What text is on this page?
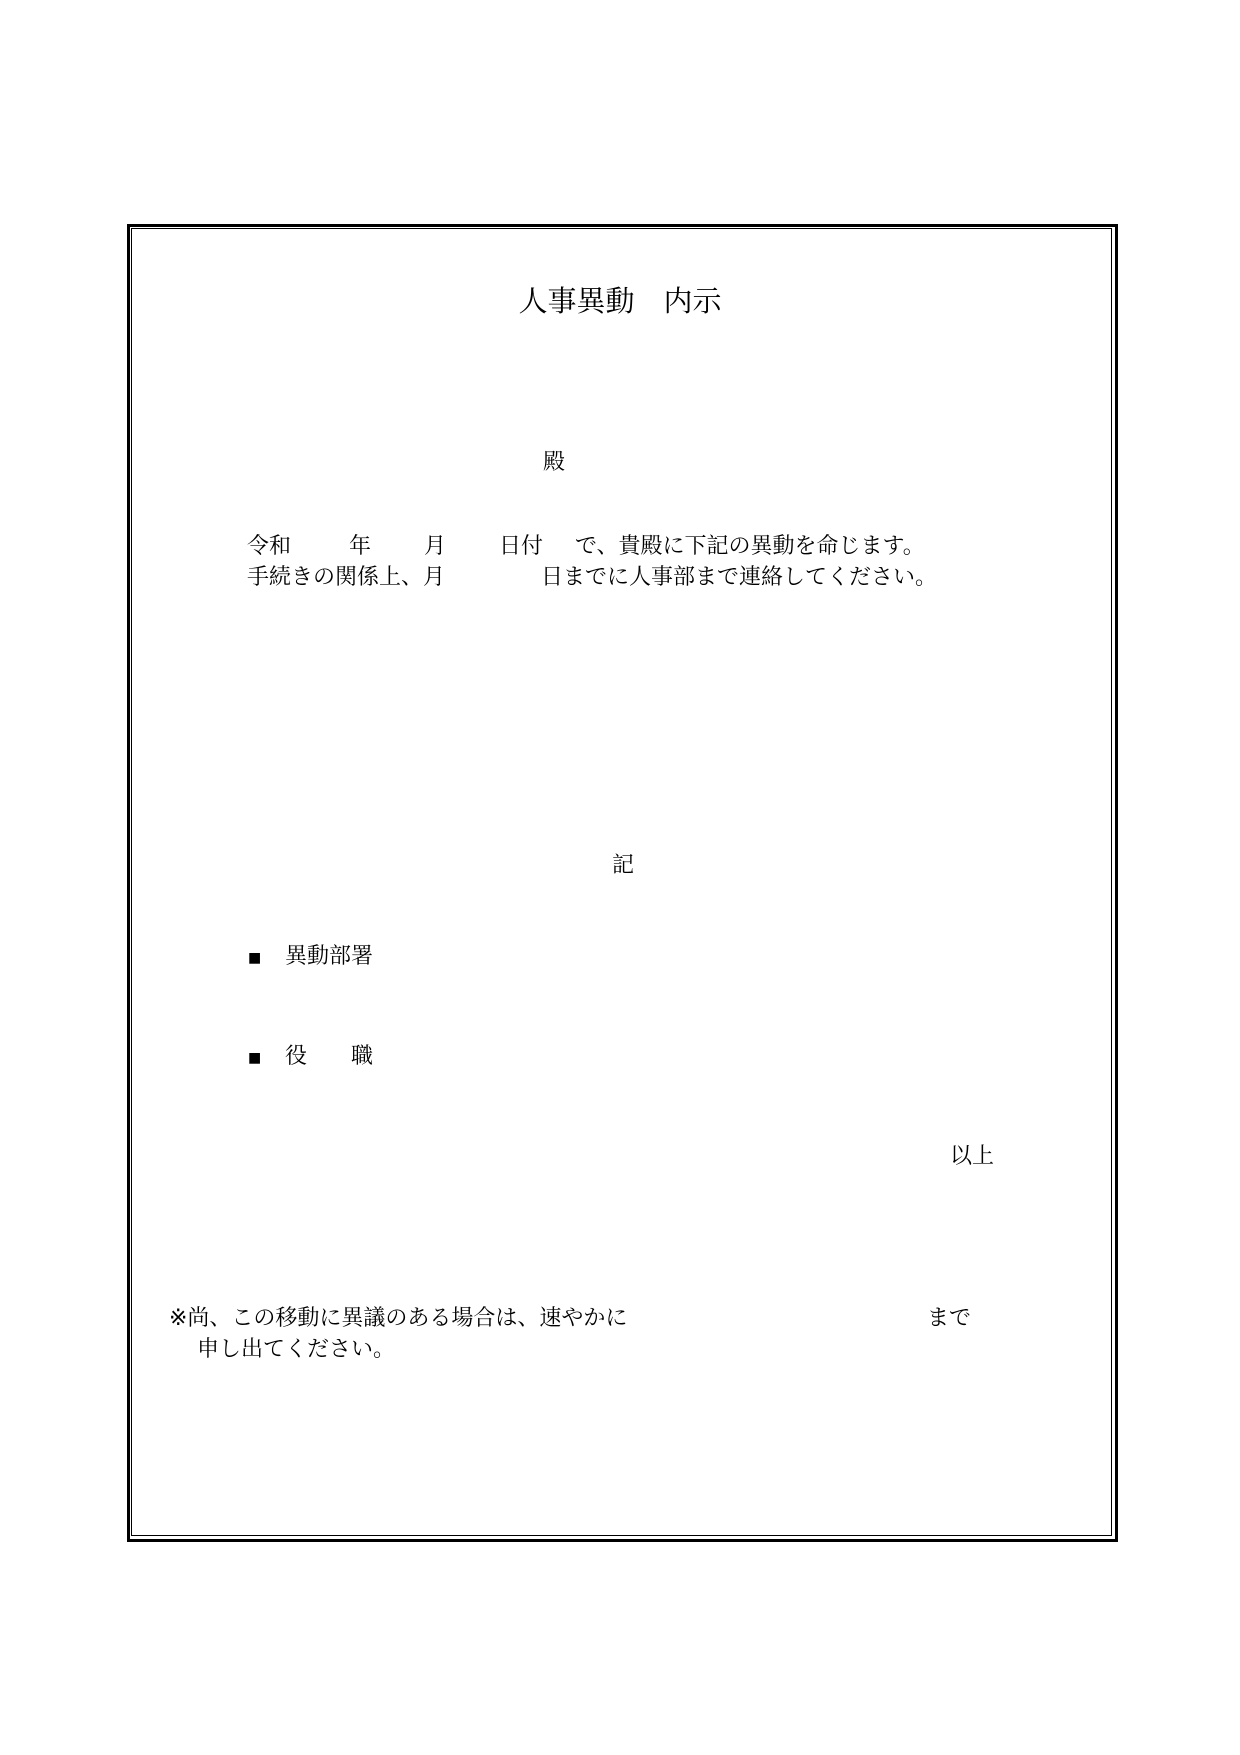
人事異動　内示
殿
令和	年 月 日付 で、貴殿に下記の異動を命じます。
手続きの関係上、月	日までに人事部まで連絡してください。
記
■ 異動部署
■ 役　　職
以上
※尚、この移動に異議のある場合は、速やかに	まで
申し出てください。
